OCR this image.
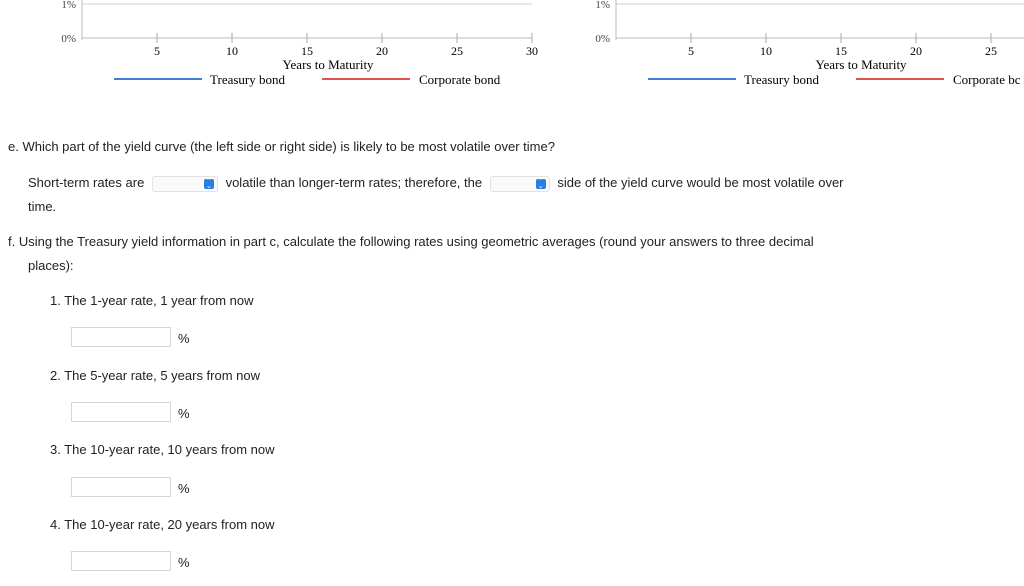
1%
0%
5	10	15	20	25	30
Years to Maturity
Treasury bond	Corporate bond
1%
0%
5	10	15	20	25
Years to Maturity
Treasury bond	Corporate bc
e. Which part of the yield curve (the left side or right side) is likely to be most volatile over time?
Short-term rates are	⌃
⌄ volatile than longer-term rates; therefore, the	⌃
⌄ side of the yield curve would be most volatile over
time.
f. Using the Treasury yield information in part c, calculate the following rates using geometric averages (round your answers to three decimal
places):
1. The 1-year rate, 1 year from now
%
2. The 5-year rate, 5 years from now
%
3. The 10-year rate, 10 years from now
%
4. The 10-year rate, 20 years from now
%
